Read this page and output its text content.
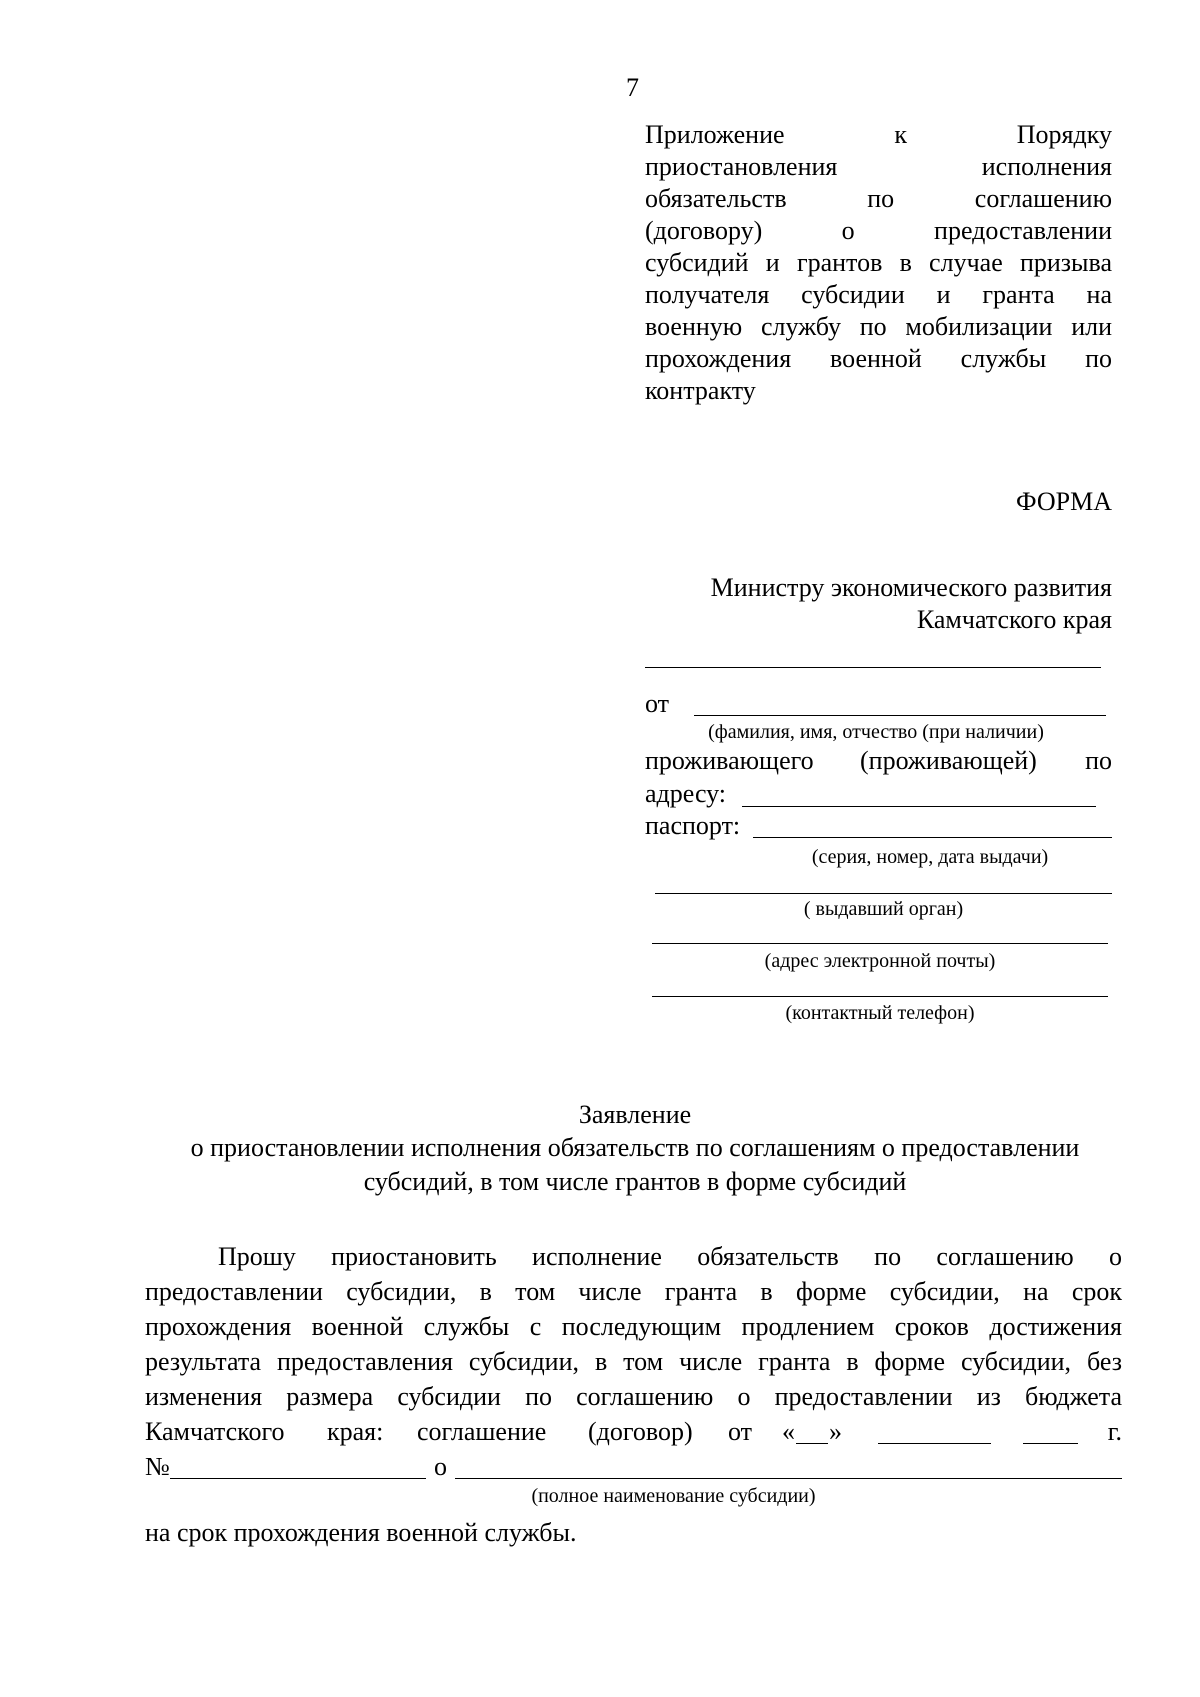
7
Приложение к Порядку
приостановления исполнения
обязательств по соглашению
(договору) о предоставлении
субсидий и грантов в случае призыва
получателя субсидии и гранта на
военную службу по мобилизации или
прохождения военной службы по
контракту
ФОРМА
Министру экономического развития
Камчатского края
от
(фамилия, имя, отчество (при наличии)
проживающего (проживающей) по
адресу:
паспорт:
(серия, номер, дата выдачи)
( выдавший орган)
(адрес электронной почты)
(контактный телефон)
Заявление
о приостановлении исполнения обязательств по соглашениям о предоставлении
субсидий, в том числе грантов в форме субсидий
Прошу приостановить исполнение обязательств по соглашению о
предоставлении субсидии, в том числе гранта в форме субсидии, на срок
прохождения военной службы с последующим продлением сроков достижения
результата предоставления субсидии, в том числе гранта в форме субсидии, без
изменения размера субсидии по соглашению о предоставлении из бюджета
Камчатского края: соглашение (договор) от « »	г.
№	о
(полное наименование субсидии)
на срок прохождения военной службы.
